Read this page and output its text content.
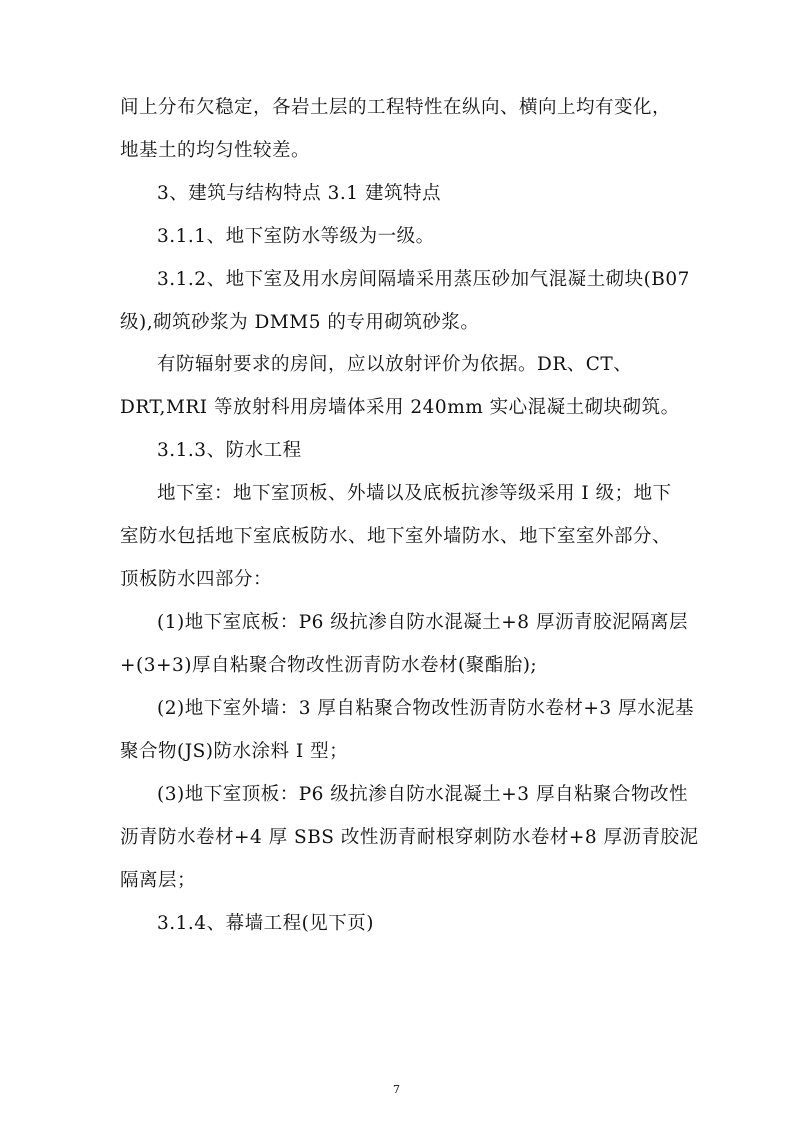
间上分布欠稳定，各岩土层的工程特性在纵向、横向上均有变化，
地基土的均匀性较差。
3、建筑与结构特点 3.1 建筑特点
3.1.1、地下室防水等级为一级。
3.1.2、地下室及用水房间隔墙采用蒸压砂加气混凝土砌块(B07
级),砌筑砂浆为 DMM5 的专用砌筑砂浆。
有防辐射要求的房间，应以放射评价为依据。DR、CT、
DRT,MRI 等放射科用房墙体采用 240mm 实心混凝土砌块砌筑。
3.1.3、防水工程
地下室：地下室顶板、外墙以及底板抗渗等级采用 I 级；地下
室防水包括地下室底板防水、地下室外墙防水、地下室室外部分、
顶板防水四部分：
(1)地下室底板：P6 级抗渗自防水混凝土+8 厚沥青胶泥隔离层
+(3+3)厚自粘聚合物改性沥青防水卷材(聚酯胎);
(2)地下室外墙：3 厚自粘聚合物改性沥青防水卷材+3 厚水泥基
聚合物(JS)防水涂料 I 型；
(3)地下室顶板：P6 级抗渗自防水混凝土+3 厚自粘聚合物改性
沥青防水卷材+4 厚 SBS 改性沥青耐根穿刺防水卷材+8 厚沥青胶泥
隔离层；
3.1.4、幕墙工程(见下页)
7
